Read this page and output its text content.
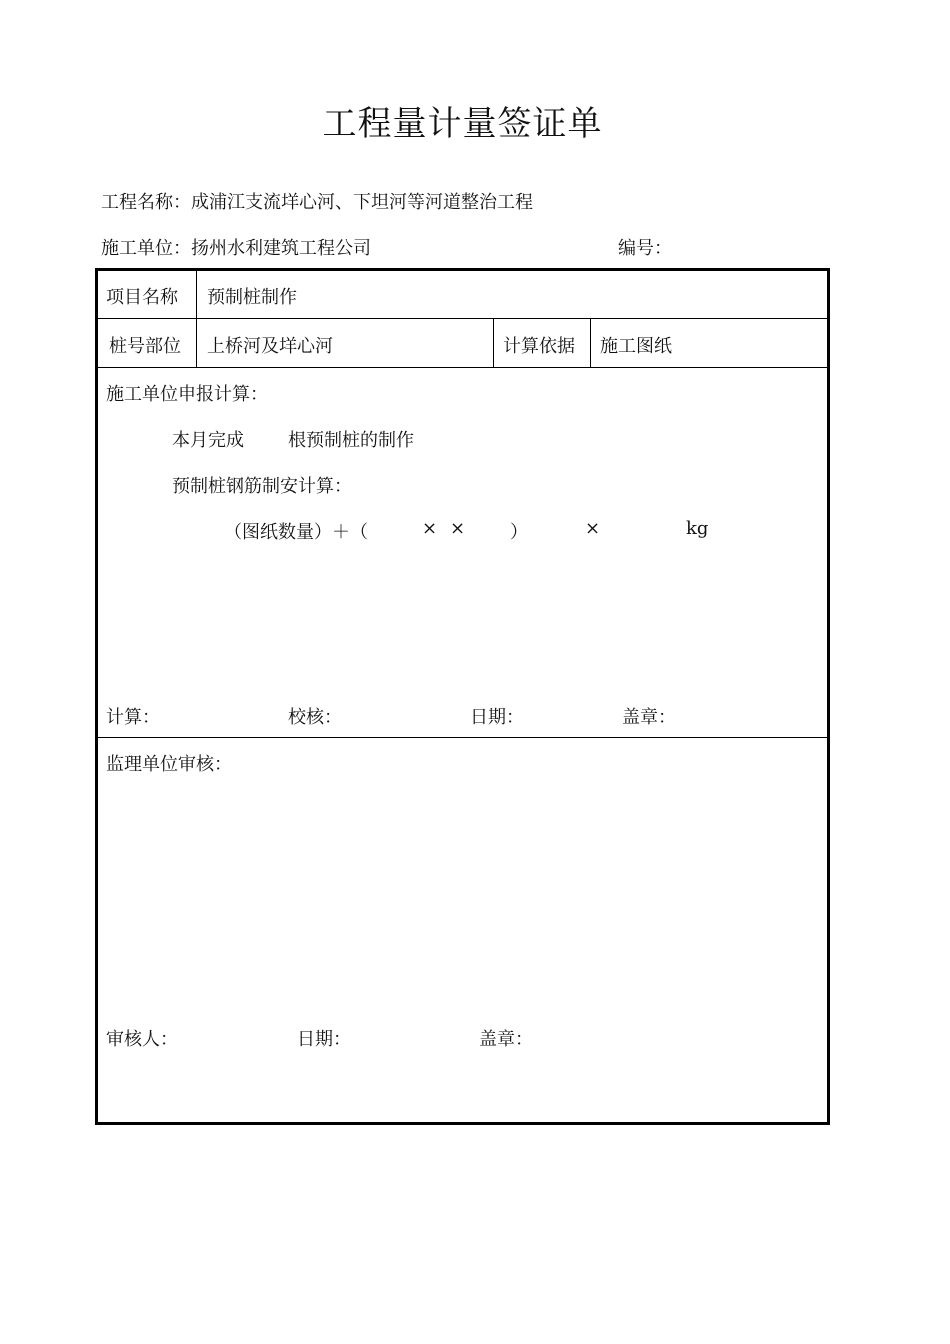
工程量计量签证单
工程名称：成浦江支流垟心河、下坦河等河道整治工程
施工单位：扬州水利建筑工程公司	编号：
项目名称 预制桩制作
桩号部位 上桥河及垟心河	计算依据 施工图纸
施工单位申报计算：
本月完成 根预制桩的制作
预制桩钢筋制安计算：
（图纸数量）＋（	× × ）	×	kg
计算：	校核：	日期：	盖章：
监理单位审核：
审核人：	日期：	盖章：
